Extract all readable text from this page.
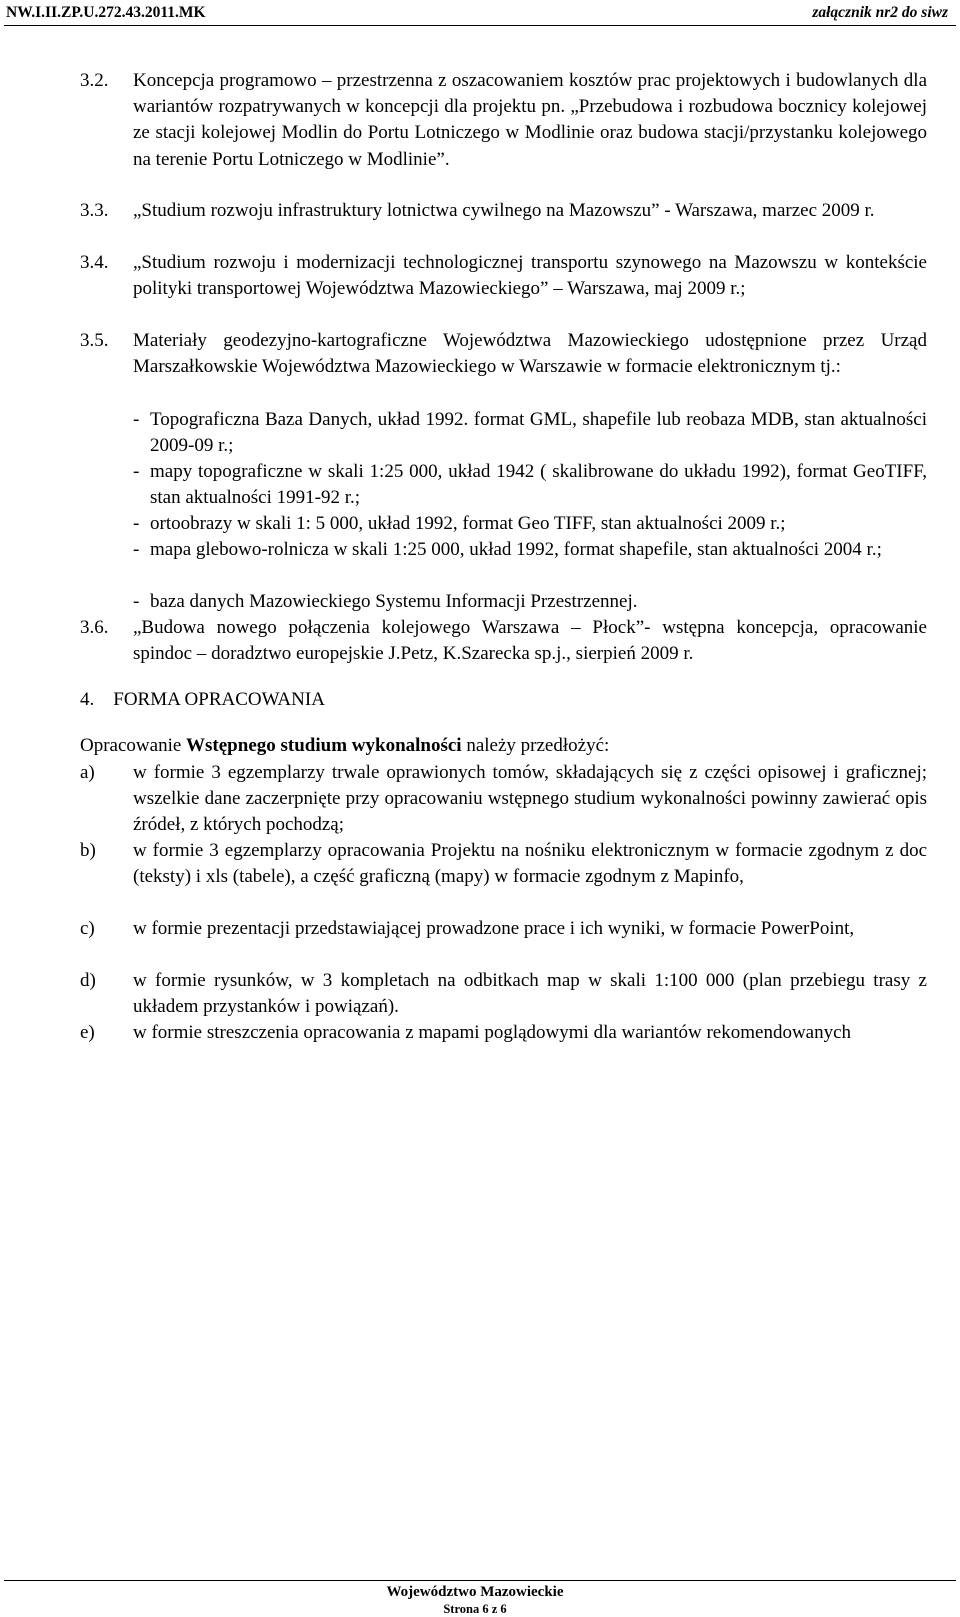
NW.I.II.ZP.U.272.43.2011.MK	załącznik nr2 do siwz
3.2. Koncepcja programowo – przestrzenna z oszacowaniem kosztów prac projektowych i budowlanych dla wariantów rozpatrywanych w koncepcji dla projektu pn. „Przebudowa i rozbudowa bocznicy kolejowej ze stacji kolejowej Modlin do Portu Lotniczego w Modlinie oraz budowa stacji/przystanku kolejowego na terenie Portu Lotniczego w Modlinie”.
3.3. „Studium rozwoju infrastruktury lotnictwa cywilnego na Mazowszu” - Warszawa, marzec 2009 r.
3.4. „Studium rozwoju i modernizacji technologicznej transportu szynowego na Mazowszu w kontekście polityki transportowej Województwa Mazowieckiego” – Warszawa, maj 2009 r.;
3.5. Materiały geodezyjno-kartograficzne Województwa Mazowieckiego udostępnione przez Urząd Marszałkowskie Województwa Mazowieckiego w Warszawie w formacie elektronicznym tj.:
- Topograficzna Baza Danych, układ 1992. format GML, shapefile lub reobaza MDB, stan aktualności 2009-09 r.;
- mapy topograficzne w skali 1:25 000, układ 1942 ( skalibrowane do układu 1992), format GeoTIFF, stan aktualności 1991-92 r.;
- ortoobrazy w skali 1: 5 000, układ 1992, format Geo TIFF, stan aktualności 2009 r.;
- mapa glebowo-rolnicza w skali 1:25 000, układ 1992, format shapefile, stan aktualności 2004 r.;
- baza danych Mazowieckiego Systemu Informacji Przestrzennej.
3.6. „Budowa nowego połączenia kolejowego Warszawa – Płock”- wstępna koncepcja, opracowanie spindoc – doradztwo europejskie J.Petz, K.Szarecka sp.j., sierpień 2009 r.
4. FORMA OPRACOWANIA
Opracowanie Wstępnego studium wykonalności należy przedłożyć:
a) w formie 3 egzemplarzy trwale oprawionych tomów, składających się z części opisowej i graficznej; wszelkie dane zaczerpnięte przy opracowaniu wstępnego studium wykonalności powinny zawierać opis źródeł, z których pochodzą;
b) w formie 3 egzemplarzy opracowania Projektu na nośniku elektronicznym w formacie zgodnym z doc (teksty) i xls (tabele), a część graficzną (mapy) w formacie zgodnym z Mapinfo,
c) w formie prezentacji przedstawiającej prowadzone prace i ich wyniki, w formacie PowerPoint,
d) w formie rysunków, w 3 kompletach na odbitkach map w skali 1:100 000 (plan przebiegu trasy z układem przystanków i powiązań).
e) w formie streszczenia opracowania z mapami poglądowymi dla wariantów rekomendowanych
Województwo Mazowieckie
Strona 6 z 6
